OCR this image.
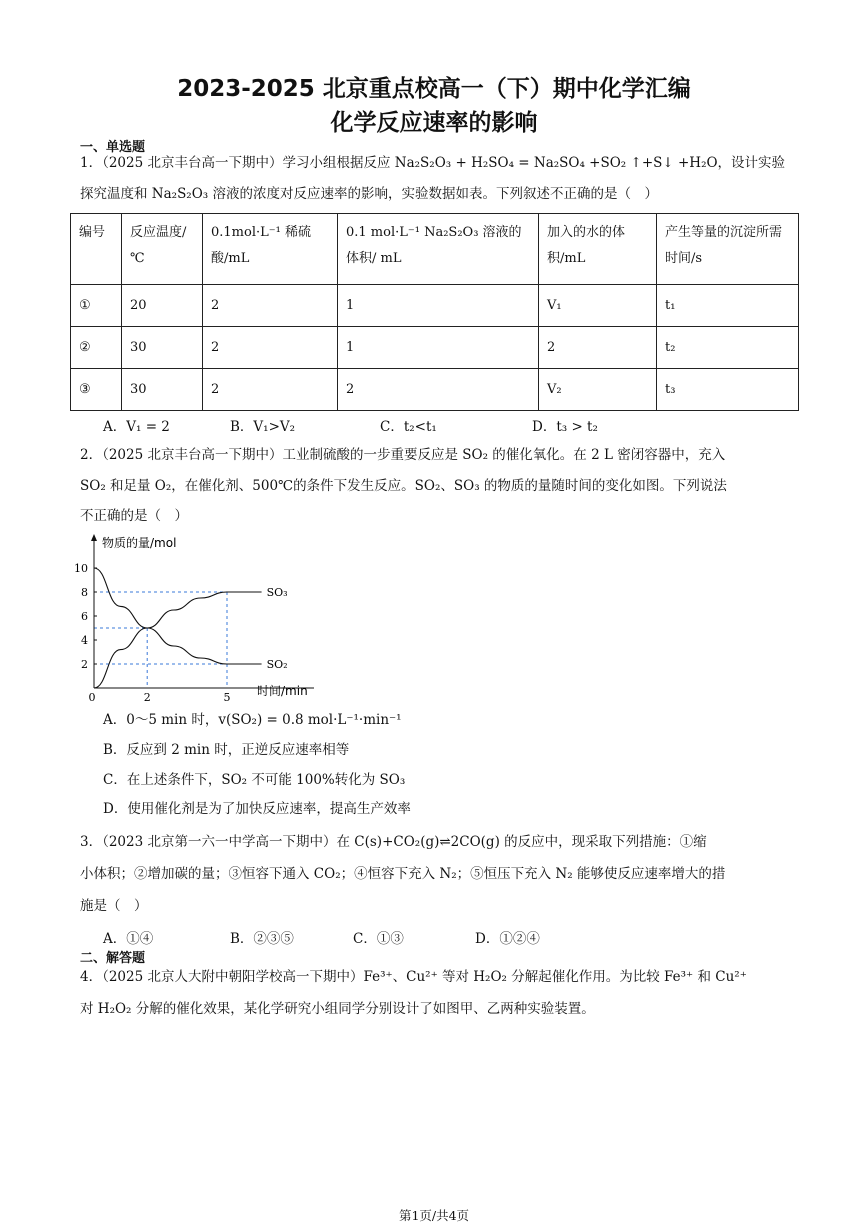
2023-2025 北京重点校高一（下）期中化学汇编
化学反应速率的影响
一、单选题
1．（2025 北京丰台高一下期中）学习小组根据反应 Na₂S₂O₃ + H₂SO₄ = Na₂SO₄ +SO₂ ↑+S↓ +H₂O，设计实验
探究温度和 Na₂S₂O₃ 溶液的浓度对反应速率的影响，实验数据如表。下列叙述不正确的是（　）
编号	反应温度/℃	0.1mol·L⁻¹ 稀硫酸/mL	0.1 mol·L⁻¹ Na₂S₂O₃ 溶液的体积/ mL	加入的水的体积/mL	产生等量的沉淀所需时间/s
①	20	2	1	V₁	t₁
②	30	2	1	2	t₂
③	30	2	2	V₂	t₃
A．V₁ = 2	B．V₁>V₂	C．t₂<t₁	D．t₃ > t₂
2．（2025 北京丰台高一下期中）工业制硫酸的一步重要反应是 SO₂ 的催化氧化。在 2 L 密闭容器中，充入
SO₂ 和足量 O₂，在催化剂、500℃的条件下发生反应。SO₂、SO₃ 的物质的量随时间的变化如图。下列说法
不正确的是（　）
SO₃
SO₂
2
4
6
8
10
0	2	5
物质的量/mol
时间/min
A．0～5 min 时，v(SO₂) = 0.8 mol·L⁻¹·min⁻¹
B．反应到 2 min 时，正逆反应速率相等
C．在上述条件下，SO₂ 不可能 100%转化为 SO₃
D．使用催化剂是为了加快反应速率，提高生产效率
3．（2023 北京第一六一中学高一下期中）在 C(s)+CO₂(g)⇌2CO(g) 的反应中，现采取下列措施：①缩
小体积；②增加碳的量；③恒容下通入 CO₂；④恒容下充入 N₂；⑤恒压下充入 N₂ 能够使反应速率增大的措
施是（　）
A．①④	B．②③⑤	C．①③	D．①②④
二、解答题
4．（2025 北京人大附中朝阳学校高一下期中）Fe³⁺、Cu²⁺ 等对 H₂O₂ 分解起催化作用。为比较 Fe³⁺ 和 Cu²⁺
对 H₂O₂ 分解的催化效果，某化学研究小组同学分别设计了如图甲、乙两种实验装置。
第1页/共4页
